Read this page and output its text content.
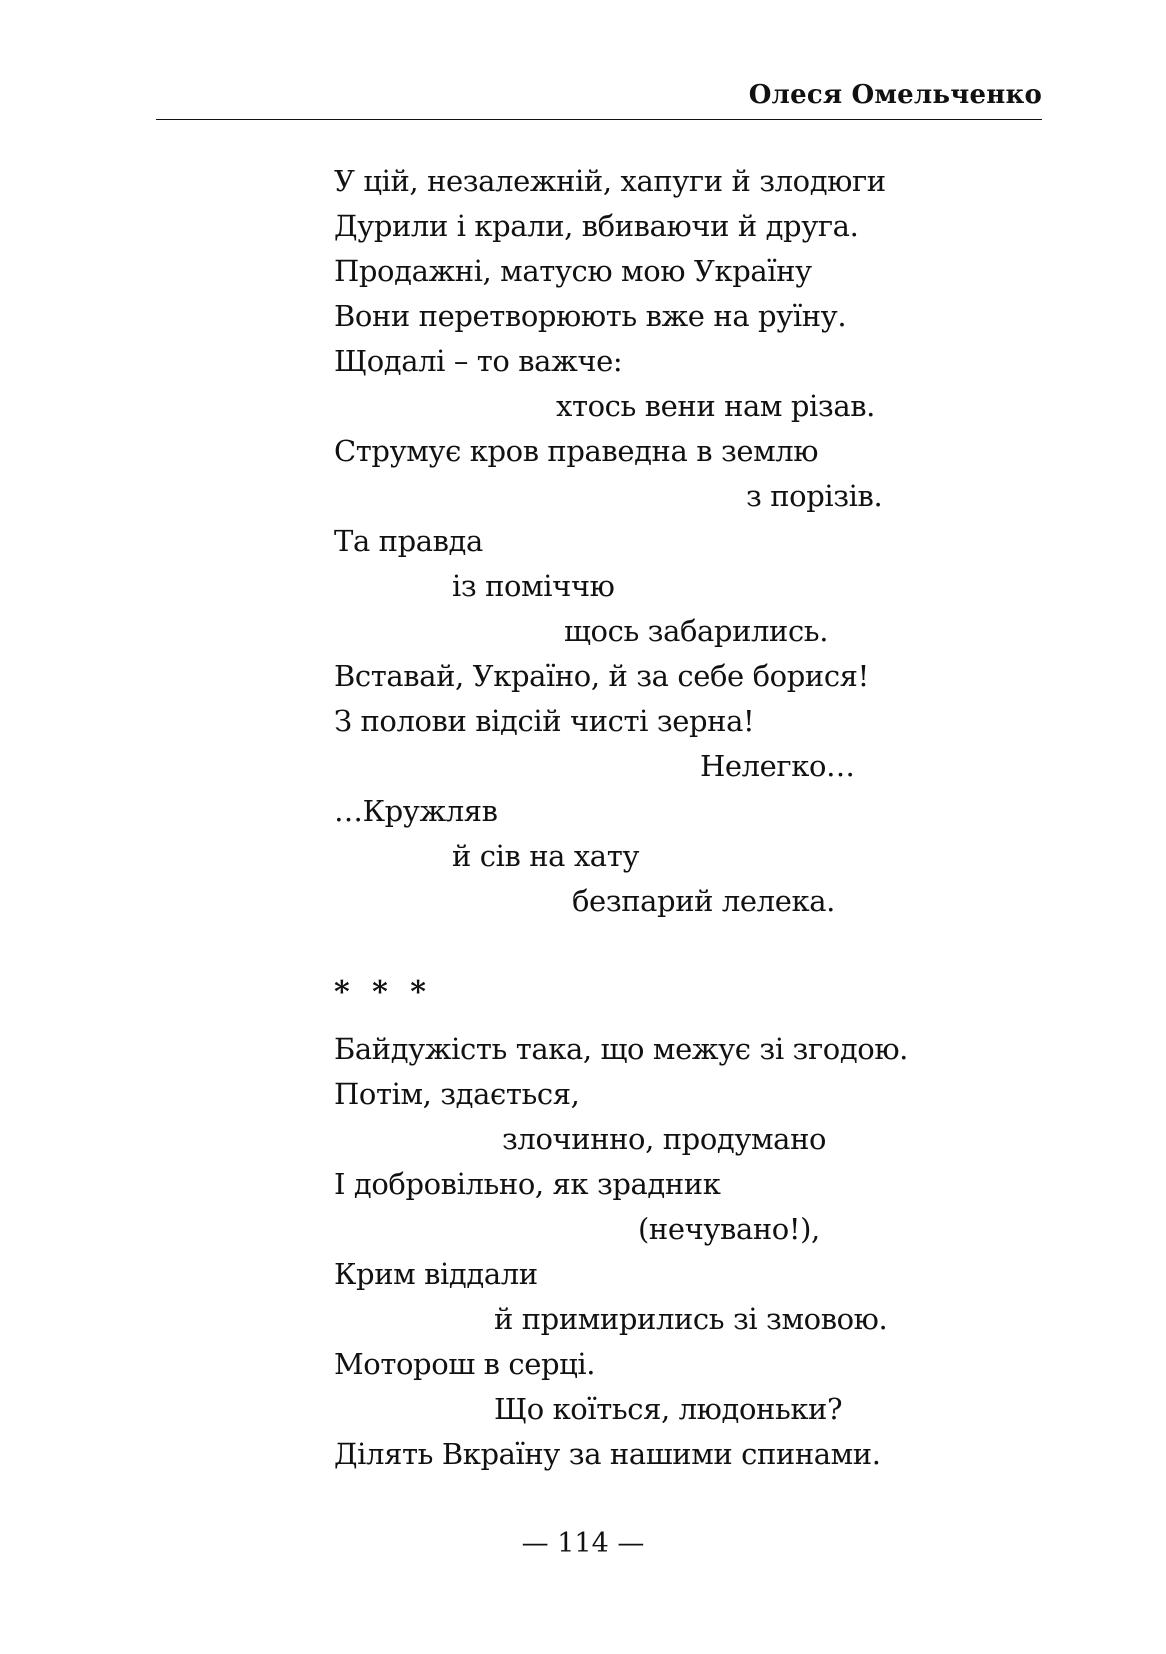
Олеся Омельченко
У цій, незалежній, хапуги й злодюги
Дурили і крали, вбиваючи й друга.
Продажні, матусю мою Україну
Вони перетворюють вже на руїну.
Щодалі – то важче:
хтось вени нам різав.
Струмує кров праведна в землю
з порізів.
Та правда
із поміччю
щось забарились.
Вставай, Україно, й за себе борися!
З полови відсій чисті зерна!
Нелегко…
…Кружляв
й сів на хату
безпарий лелека.
* * *
Байдужість така, що межує зі згодою.
Потім, здається,
злочинно, продумано
І добровільно, як зрадник
(нечувано!),
Крим віддали
й примирились зі змовою.
Моторош в серці.
Що коїться, людоньки?
Ділять Вкраїну за нашими спинами.
— 114 —
